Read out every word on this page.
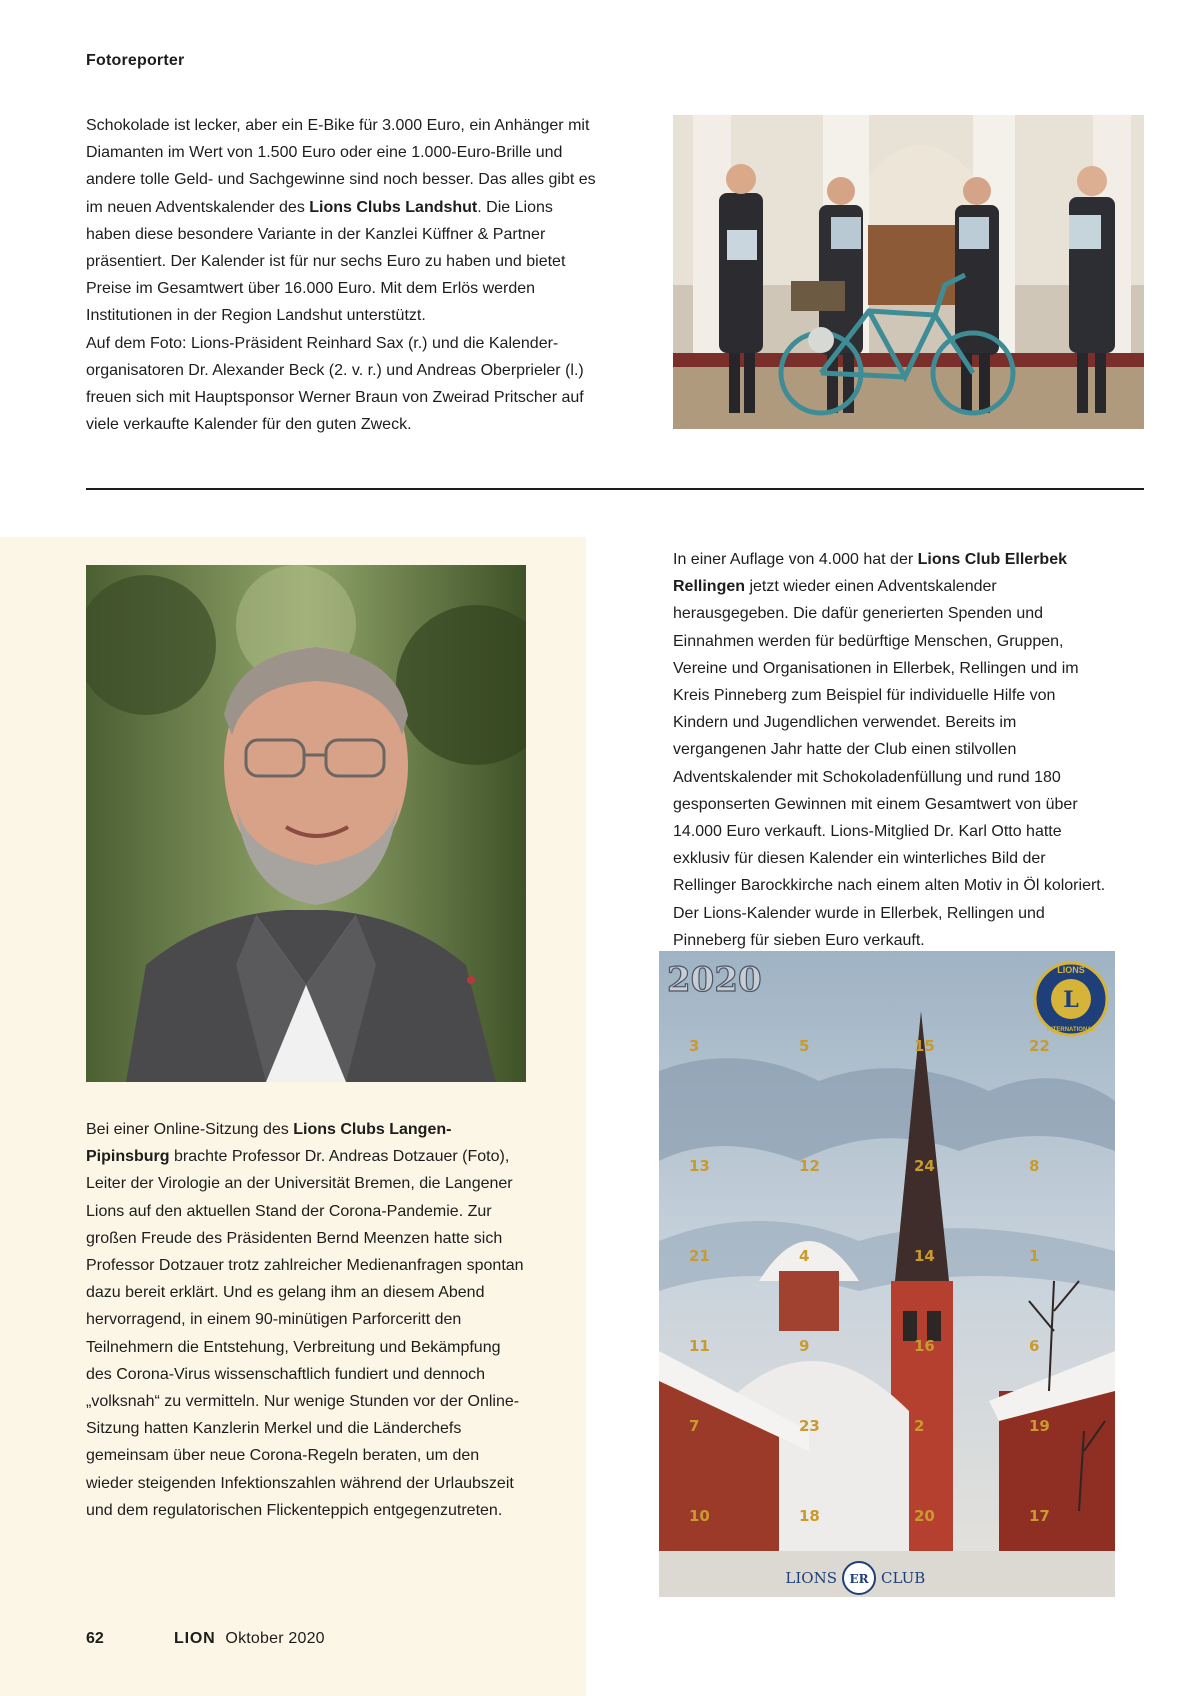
Fotoreporter

Schokolade ist lecker, aber ein E-Bike für 3.000 Euro, ein Anhänger mit Diamanten im Wert von 1.500 Euro oder eine 1.000-Euro-Brille und andere tolle Geld- und Sachgewinne sind noch besser. Das alles gibt es im neuen Adventskalender des Lions Clubs Landshut. Die Lions haben diese besondere Variante in der Kanzlei Küffner & Partner präsentiert. Der Kalender ist für nur sechs Euro zu haben und bietet Preise im Gesamtwert über 16.000 Euro. Mit dem Erlös werden Institutionen in der Region Landshut unterstützt.
Auf dem Foto: Lions-Präsident Reinhard Sax (r.) und die Kalender-organisatoren Dr. Alexander Beck (2. v. r.) und Andreas Oberprieler (l.) freuen sich mit Hauptsponsor Werner Braun von Zweirad Pritscher auf viele verkaufte Kalender für den guten Zweck.

In einer Auflage von 4.000 hat der Lions Club Ellerbek Rellingen jetzt wieder einen Adventskalender herausgegeben. Die dafür generierten Spenden und Einnahmen werden für bedürftige Menschen, Gruppen, Vereine und Organisationen in Ellerbek, Rellingen und im Kreis Pinneberg zum Beispiel für individuelle Hilfe von Kindern und Jugendlichen verwendet. Bereits im vergangenen Jahr hatte der Club einen stilvollen Adventskalender mit Schokoladenfüllung und rund 180 gesponserten Gewinnen mit einem Gesamtwert von über 14.000 Euro verkauft. Lions-Mitglied Dr. Karl Otto hatte exklusiv für diesen Kalender ein winterliches Bild der Rellinger Barockkirche nach einem alten Motiv in Öl koloriert. Der Lions-Kalender wurde in Ellerbek, Rellingen und Pinneberg für sieben Euro verkauft.

2020	L
LIONS
INTERNATIONAL
3	5	15	22
13	12	24	8
21	4	14	1
11	9	16	6
7	23	2	19
10	18	20	17
LIONS ER CLUB

Bei einer Online-Sitzung des Lions Clubs Langen-Pipinsburg brachte Professor Dr. Andreas Dotzauer (Foto), Leiter der Virologie an der Universität Bremen, die Langener Lions auf den aktuellen Stand der Corona-Pandemie. Zur großen Freude des Präsidenten Bernd Meenzen hatte sich Professor Dotzauer trotz zahlreicher Medienanfragen spontan dazu bereit erklärt. Und es gelang ihm an diesem Abend hervorragend, in einem 90-minütigen Parforceritt den Teilnehmern die Entstehung, Verbreitung und Bekämpfung des Corona-Virus wissenschaftlich fundiert und dennoch „volksnah“ zu vermitteln. Nur wenige Stunden vor der Online-Sitzung hatten Kanzlerin Merkel und die Länderchefs gemeinsam über neue Corona-Regeln beraten, um den wieder steigenden Infektionszahlen während der Urlaubszeit und dem regulatorischen Flickenteppich entgegenzutreten.

62	LION Oktober 2020
